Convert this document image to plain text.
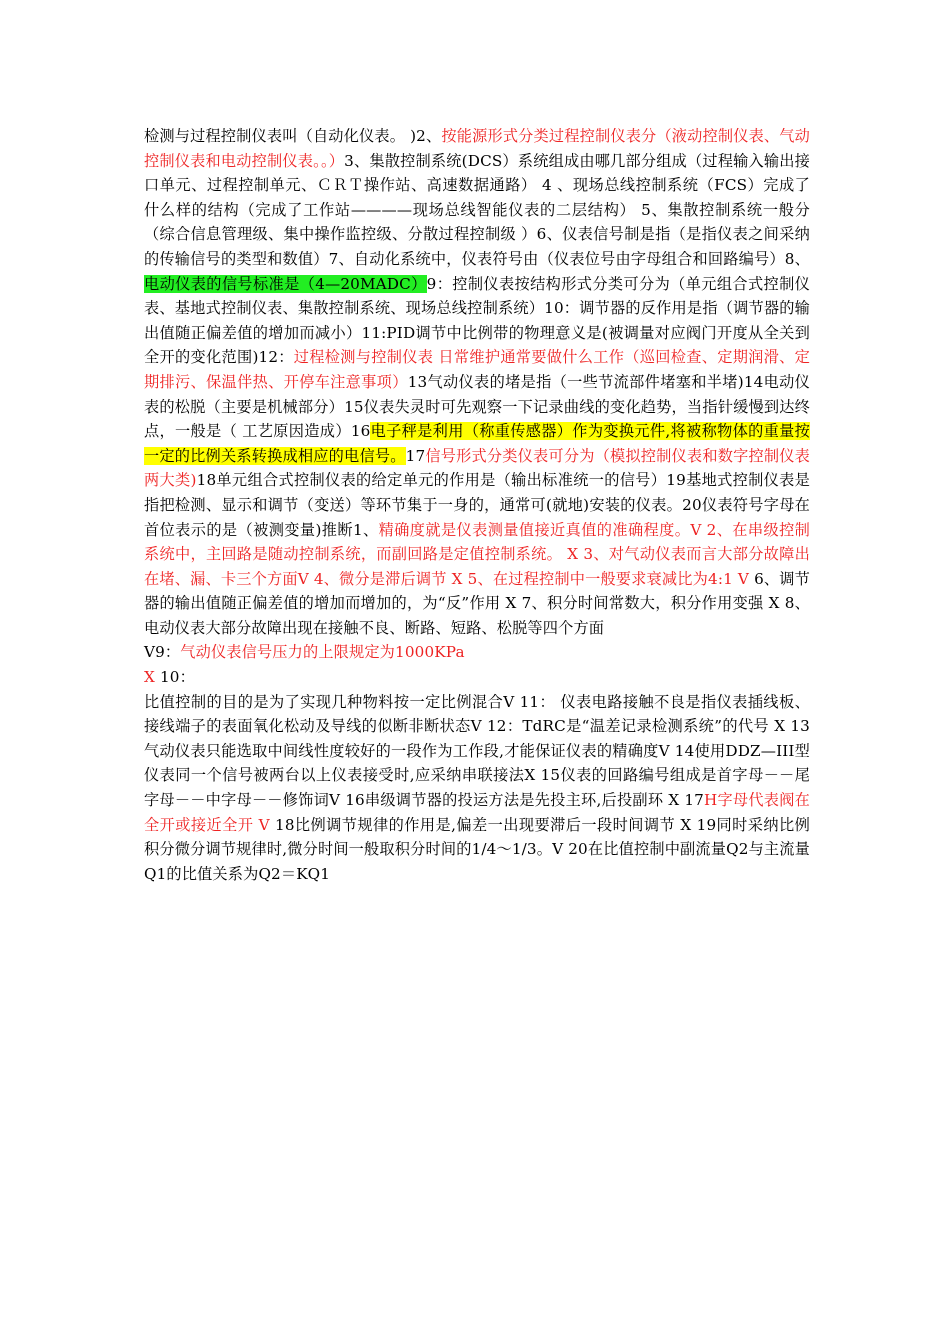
检测与过程控制仪表叫（自动化仪表。 )2、按能源形式分类过程控制仪表分（液动控制仪表、气动控制仪表和电动控制仪表。。）3、集散控制系统(DCS）系统组成由哪几部分组成（过程输入输出接口单元、过程控制单元、ＣＲＴ操作站、高速数据通路） 4 、现场总线控制系统（FCS）完成了什么样的结构（完成了工作站————现场总线智能仪表的二层结构） 5、集散控制系统一般分（综合信息管理级、集中操作监控级、分散过程控制级 ）6、仪表信号制是指（是指仪表之间采纳的传输信号的类型和数值）7、自动化系统中，仪表符号由（仪表位号由字母组合和回路编号）8、电动仪表的信号标准是（4—20MADC）9：控制仪表按结构形式分类可分为（单元组合式控制仪表、基地式控制仪表、集散控制系统、现场总线控制系统）10：调节器的反作用是指（调节器的输出值随正偏差值的增加而减小）11:PID调节中比例带的物理意义是(被调量对应阀门开度从全关到全开的变化范围)12：过程检测与控制仪表 日常维护通常要做什么工作（巡回检查、定期润滑、定期排污、保温伴热、开停车注意事项）13气动仪表的堵是指（一些节流部件堵塞和半堵)14电动仪表的松脱（主要是机械部分）15仪表失灵时可先观察一下记录曲线的变化趋势，当指针缓慢到达终点，一般是（ 工艺原因造成）16电子秤是利用（称重传感器）作为变换元件,将被称物体的重量按一定的比例关系转换成相应的电信号。17信号形式分类仪表可分为（模拟控制仪表和数字控制仪表两大类)18单元组合式控制仪表的给定单元的作用是（输出标准统一的信号）19基地式控制仪表是指把检测、显示和调节（变送）等环节集于一身的，通常可(就地)安装的仪表。20仪表符号字母在首位表示的是（被测变量)推断1、精确度就是仪表测量值接近真值的准确程度。V 2、在串级控制系统中，主回路是随动控制系统，而副回路是定值控制系统。 X 3、对气动仪表而言大部分故障出在堵、漏、卡三个方面V 4、微分是滞后调节 X 5、在过程控制中一般要求衰减比为4:1 V 6、调节器的输出值随正偏差值的增加而增加的，为“反”作用 X 7、积分时间常数大，积分作用变强 X 8、电动仪表大部分故障出现在接触不良、断路、短路、松脱等四个方面

V9：气动仪表信号压力的上限规定为1000KPa

X 10：

比值控制的目的是为了实现几种物料按一定比例混合V 11： 仪表电路接触不良是指仪表插线板、接线端子的表面氧化松动及导线的似断非断状态V 12：TdRC是“温差记录检测系统”的代号 X 13气动仪表只能选取中间线性度较好的一段作为工作段,才能保证仪表的精确度V 14使用DDZ—III型仪表同一个信号被两台以上仪表接受时,应采纳串联接法X 15仪表的回路编号组成是首字母－－尾字母－－中字母－－修饰词V 16串级调节器的投运方法是先投主环,后投副环 X 17H字母代表阀在全开或接近全开 V 18比例调节规律的作用是,偏差一出现要滞后一段时间调节 X 19同时采纳比例积分微分调节规律时,微分时间一般取积分时间的1/4～1/3。V 20在比值控制中副流量Q2与主流量Q1的比值关系为Q2＝KQ1
